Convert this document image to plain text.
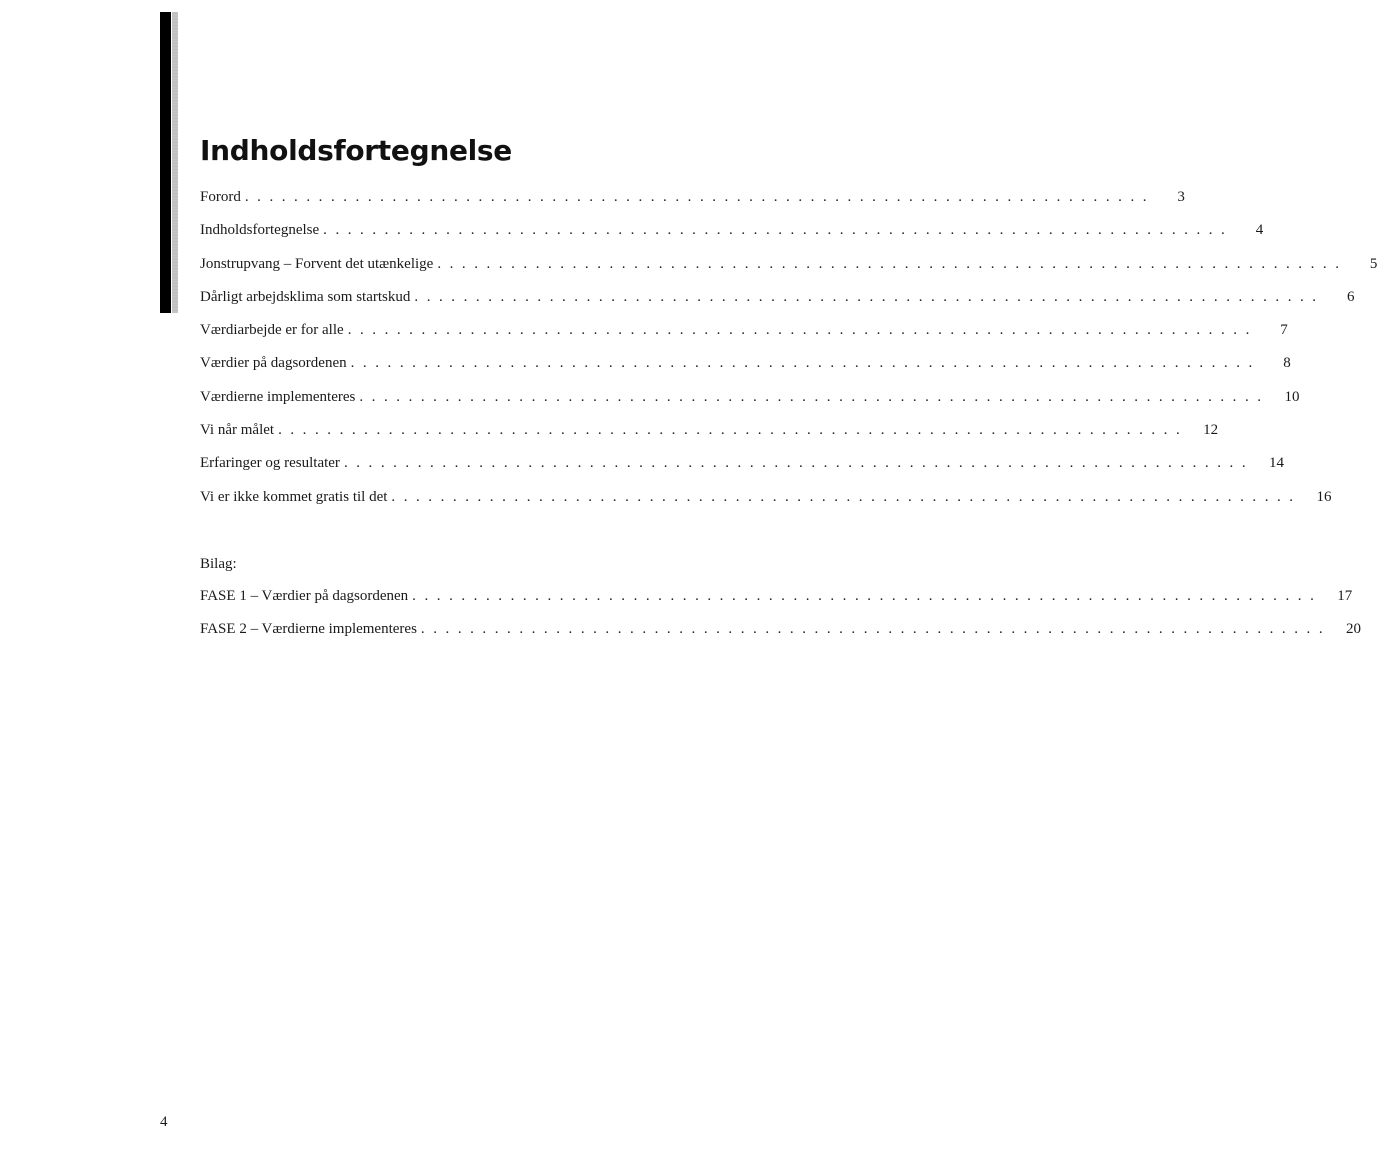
Indholdsfortegnelse
Forord . . . . . . . . . . . . . . . . . . . . . . . . . . . . . . . . . . . . . . . . . . . . . . . . . . . . . . . . . . . . . . . . . . . . . . . . . .	3
Indholdsfortegnelse . . . . . . . . . . . . . . . . . . . . . . . . . . . . . . . . . . . . . . . . . . . . . . . . . . . . . . . . . . . . . . . . . . . . . . . . . .	4
Jonstrupvang – Forvent det utænkelige . . . . . . . . . . . . . . . . . . . . . . . . . . . . . . . . . . . . . . . . . . . . . . . . . . . . . . . . . . . . . . . . . . . . . . . . . .	5
Dårligt arbejdsklima som startskud . . . . . . . . . . . . . . . . . . . . . . . . . . . . . . . . . . . . . . . . . . . . . . . . . . . . . . . . . . . . . . . . . . . . . . . . . .	6
Værdiarbejde er for alle . . . . . . . . . . . . . . . . . . . . . . . . . . . . . . . . . . . . . . . . . . . . . . . . . . . . . . . . . . . . . . . . . . . . . . . . . .	7
Værdier på dagsordenen . . . . . . . . . . . . . . . . . . . . . . . . . . . . . . . . . . . . . . . . . . . . . . . . . . . . . . . . . . . . . . . . . . . . . . . . . .	8
Værdierne implementeres . . . . . . . . . . . . . . . . . . . . . . . . . . . . . . . . . . . . . . . . . . . . . . . . . . . . . . . . . . . . . . . . . . . . . . . . . .	10
Vi når målet . . . . . . . . . . . . . . . . . . . . . . . . . . . . . . . . . . . . . . . . . . . . . . . . . . . . . . . . . . . . . . . . . . . . . . . . . .	12
Erfaringer og resultater . . . . . . . . . . . . . . . . . . . . . . . . . . . . . . . . . . . . . . . . . . . . . . . . . . . . . . . . . . . . . . . . . . . . . . . . . .	14
Vi er ikke kommet gratis til det . . . . . . . . . . . . . . . . . . . . . . . . . . . . . . . . . . . . . . . . . . . . . . . . . . . . . . . . . . . . . . . . . . . . . . . . . .	16
Bilag:
FASE 1 – Værdier på dagsordenen . . . . . . . . . . . . . . . . . . . . . . . . . . . . . . . . . . . . . . . . . . . . . . . . . . . . . . . . . . . . . . . . . . . . . . . . . .	17
FASE 2 – Værdierne implementeres . . . . . . . . . . . . . . . . . . . . . . . . . . . . . . . . . . . . . . . . . . . . . . . . . . . . . . . . . . . . . . . . . . . . . . . . . .	20
4
